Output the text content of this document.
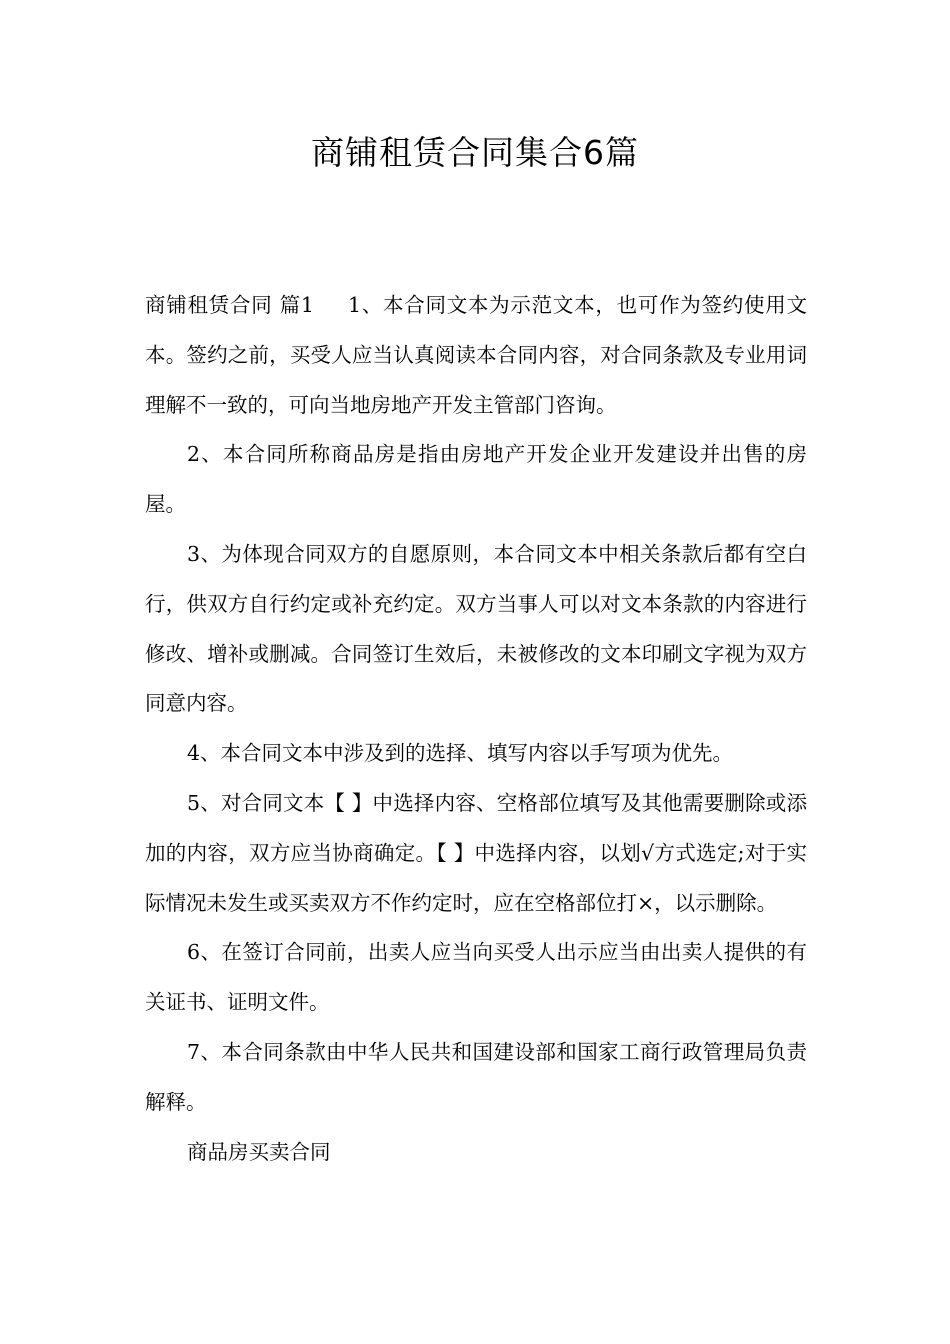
商铺租赁合同集合6篇

商铺租赁合同 篇1 1、本合同文本为示范文本，也可作为签约使用文本。签约之前，买受人应当认真阅读本合同内容，对合同条款及专业用词理解不一致的，可向当地房地产开发主管部门咨询。

2、本合同所称商品房是指由房地产开发企业开发建设并出售的房屋。

3、为体现合同双方的自愿原则，本合同文本中相关条款后都有空白行，供双方自行约定或补充约定。双方当事人可以对文本条款的内容进行修改、增补或删减。合同签订生效后，未被修改的文本印刷文字视为双方同意内容。

4、本合同文本中涉及到的选择、填写内容以手写项为优先。

5、对合同文本【 】中选择内容、空格部位填写及其他需要删除或添加的内容，双方应当协商确定。【 】中选择内容，以划√方式选定;对于实际情况未发生或买卖双方不作约定时，应在空格部位打×，以示删除。

6、在签订合同前，出卖人应当向买受人出示应当由出卖人提供的有关证书、证明文件。

7、本合同条款由中华人民共和国建设部和国家工商行政管理局负责解释。

商品房买卖合同
